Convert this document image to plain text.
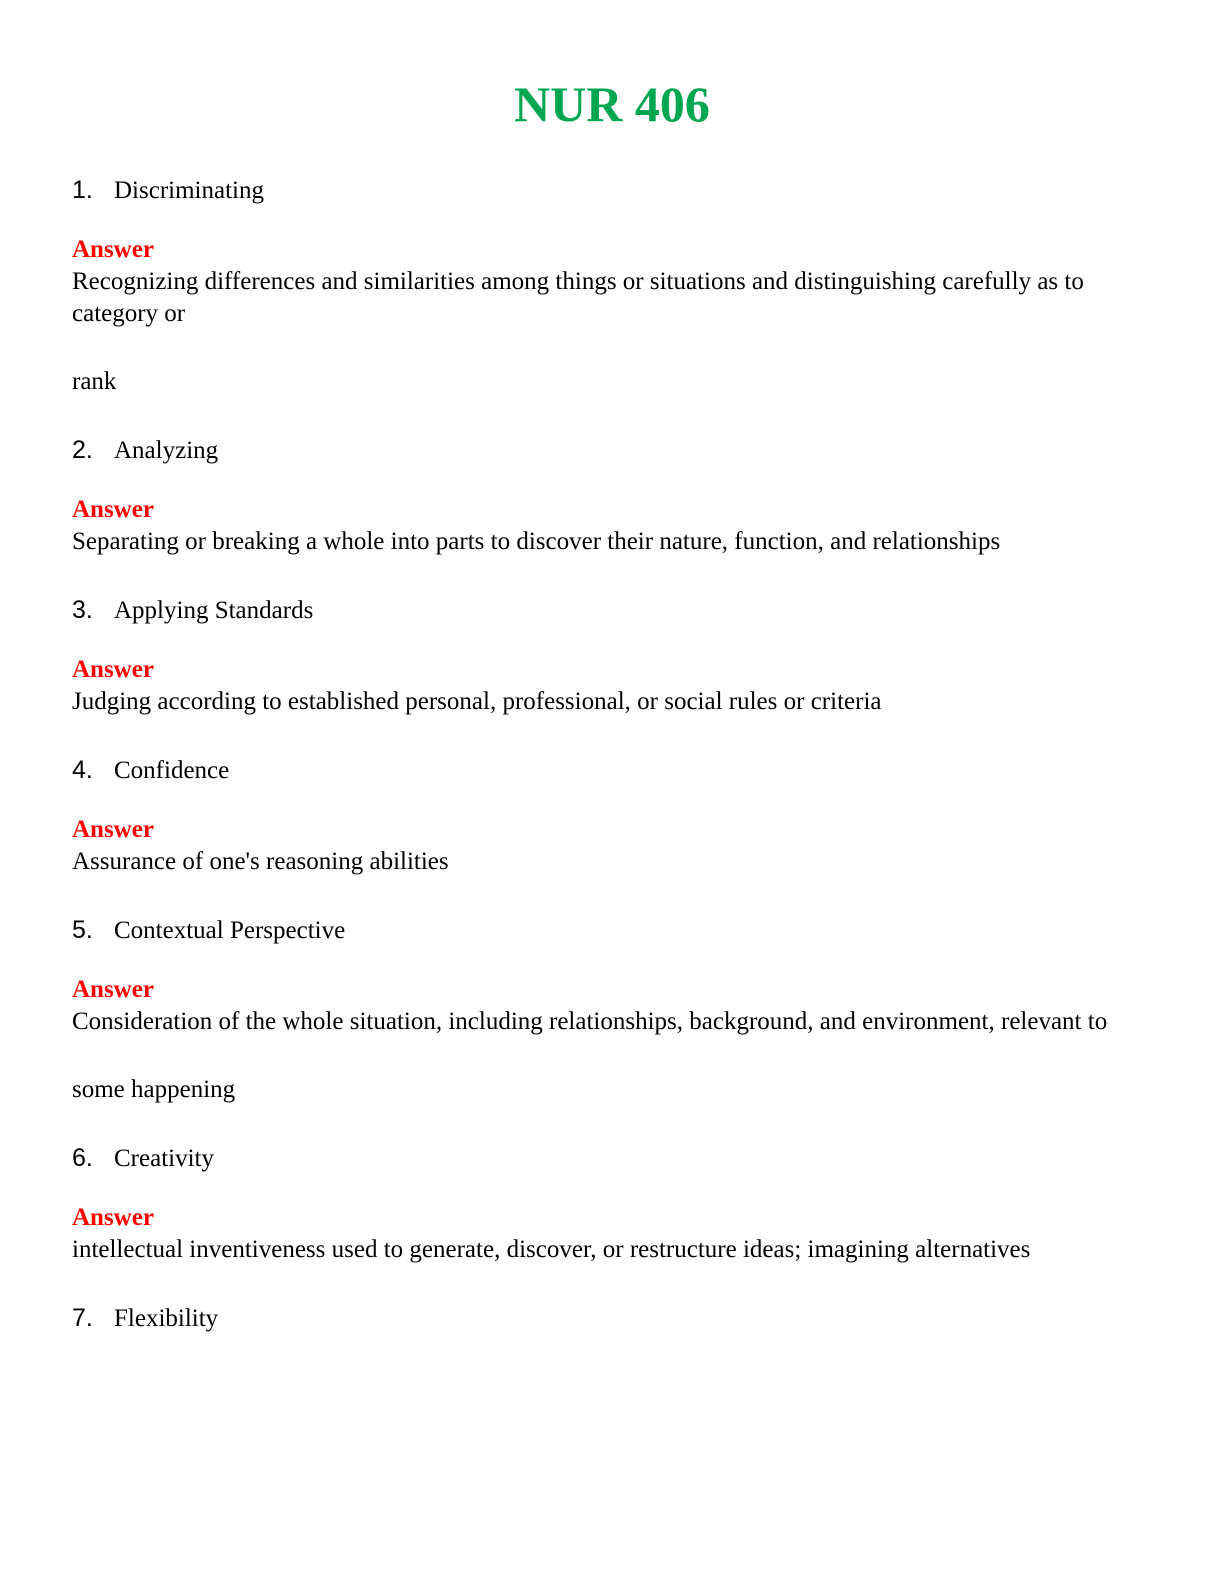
NUR 406
1. Discriminating
Answer
Recognizing differences and similarities among things or situations and distinguishing carefully as to category or
rank
2. Analyzing
Answer
Separating or breaking a whole into parts to discover their nature, function, and relationships
3. Applying Standards
Answer
Judging according to established personal, professional, or social rules or criteria
4. Confidence
Answer
Assurance of one's reasoning abilities
5. Contextual Perspective
Answer
Consideration of the whole situation, including relationships, background, and environment, relevant to
some happening
6. Creativity
Answer
intellectual inventiveness used to generate, discover, or restructure ideas; imagining alternatives
7. Flexibility
